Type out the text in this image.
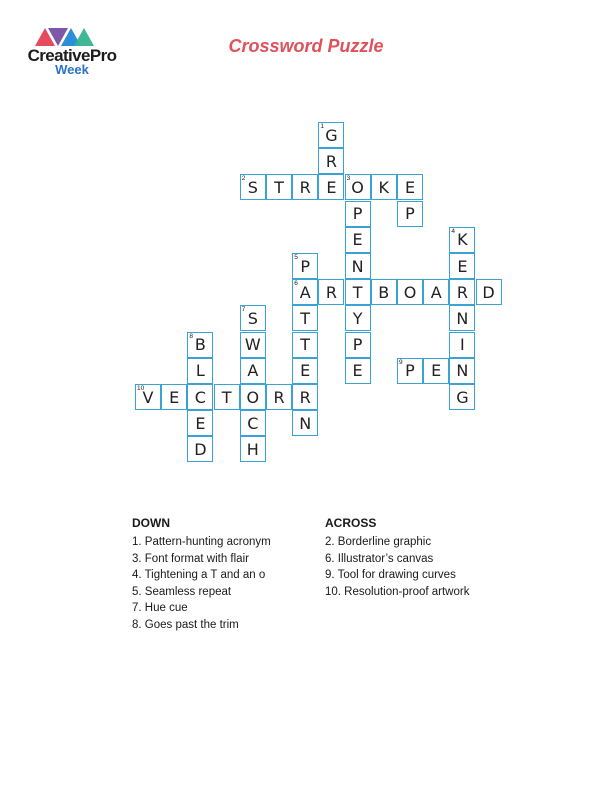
CreativePro
Week
Crossword Puzzle
1 G
R
2 S T R E 3 O K E
P	P
E	4 K
5 P	N	E
6 A R T B O A R D
7 S	T	Y	N
8 B W T	P	I
L	A	E	E	9 P E N
10
V E C T O R R	G
E	C	N
D	H
DOWN
1. Pattern-hunting acronym
3. Font format with flair
4. Tightening a T and an o
5. Seamless repeat
7. Hue cue
8. Goes past the trim
ACROSS
2. Borderline graphic
6. Illustrator’s canvas
9. Tool for drawing curves
10. Resolution-proof artwork
